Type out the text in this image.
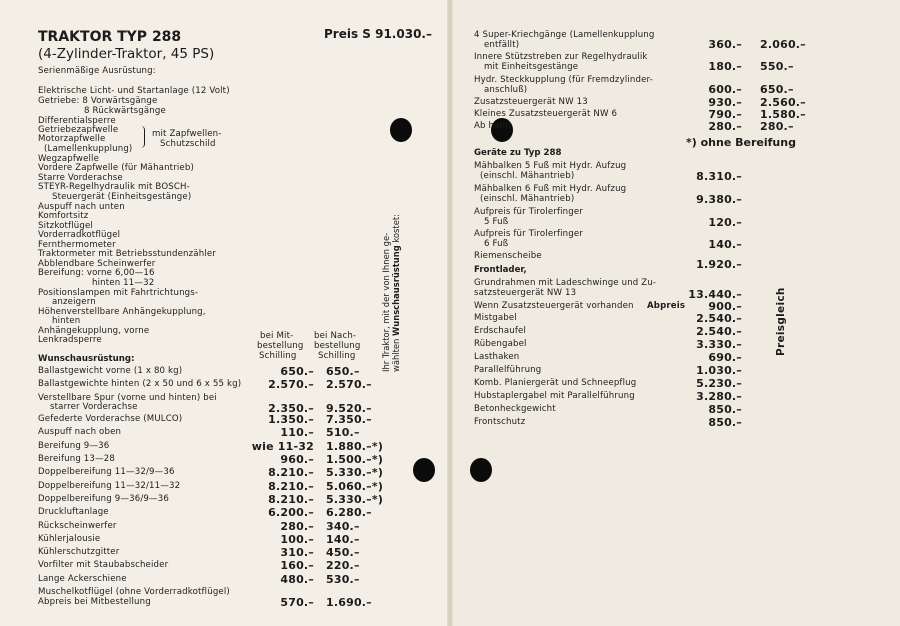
TRAKTOR TYP 288
(4-Zylinder-Traktor, 45 PS)
Preis S 91.030.–
Serienmäßige Ausrüstung:
Elektrische Licht- und Startanlage (12 Volt)
Getriebe: 8 Vorwärtsgänge
8 Rückwärtsgänge
Differentialsperre
Getriebezapfwelle
Motorzapfwelle
(Lamellenkupplung)
Wegzapfwelle
Vordere Zapfwelle (für Mähantrieb)
Starre Vorderachse
STEYR-Regelhydraulik mit BOSCH-
Steuergerät (Einheitsgestänge)
Auspuff nach unten
Komfortsitz
Sitzkotflügel
Vorderradkotflügel
Fernthermometer
Traktormeter mit Betriebsstundenzähler
Abblendbare Scheinwerfer
Bereifung: vorne 6,00—16
hinten 11—32
Positionslampen mit Fahrtrichtungs-
anzeigern
Höhenverstellbare Anhängekupplung,
hinten
Anhängekupplung, vorne
Lenkradsperre
mit Zapfwellen-
Schutzschild
bei Mit-
bestellung
Schilling
bei Nach-
bestellung
Schilling
Wunschausrüstung:
Ballastgewicht vorne (1 x 80 kg)	650.– 650.–
Ballastgewichte hinten (2 x 50 und 6 x 55 kg) 2.570.– 2.570.–
Verstellbare Spur (vorne und hinten) bei
starrer Vorderachse	2.350.– 9.520.–
Gefederte Vorderachse (MULCO)	1.350.– 7.350.–
Auspuff nach oben	110.– 510.–
Bereifung 9—36	wie 11-32 1.880.–*)
Bereifung 13—28	960.– 1.500.–*)
Doppelbereifung 11—32/9—36	8.210.– 5.330.–*)
Doppelbereifung 11—32/11—32	8.210.– 5.060.–*)
Doppelbereifung 9—36/9—36	8.210.– 5.330.–*)
Druckluftanlage	6.200.– 6.280.–
Rückscheinwerfer	280.– 340.–
Kühlerjalousie	100.– 140.–
Kühlerschutzgitter	310.– 450.–
Vorfilter mit Staubabscheider	160.– 220.–
Lange Ackerschiene	480.– 530.–
Muschelkotflügel (ohne Vorderradkotflügel)
Abpreis bei Mitbestellung	570.– 1.690.–
Ihr Traktor, mit der von Ihnen ge- wählten Wunschausrüstung kostet:
4 Super-Kriechgänge (Lamellenkupplung
entfällt)	360.– 2.060.–
Innere Stützstreben zur Regelhydraulik
mit Einheitsgestänge	180.– 550.–
Hydr. Steckkupplung (für Fremdzylinder-
anschluß)	600.– 650.–
Zusatzsteuergerät NW 13	930.– 2.560.–
Kleines Zusatzsteuergerät NW 6	790.– 1.580.–
Ab hahn	280.– 280.–
*) ohne Bereifung
Geräte zu Typ 288
Mähbalken 5 Fuß mit Hydr. Aufzug
(einschl. Mähantrieb)	8.310.–
Mähbalken 6 Fuß mit Hydr. Aufzug
(einschl. Mähantrieb)	9.380.–
Aufpreis für Tirolerfinger
5 Fuß	120.–
Aufpreis für Tirolerfinger
6 Fuß	140.–
Riemenscheibe
1.920.–
Frontlader,
Grundrahmen mit Ladeschwinge und Zu-
satzsteuergerät NW 13	13.440.–
Wenn Zusatzsteuergerät vorhanden Abpreis 900.–
Mistgabel	2.540.–
Erdschaufel	2.540.–
Rübengabel	3.330.–
Lasthaken	690.–
Parallelführung	1.030.–
Komb. Planiergerät und Schneepflug	5.230.–
Hubstaplergabel mit Parallelführung	3.280.–
Betonheckgewicht	850.–
Frontschutz	850.–
Preisgleich
